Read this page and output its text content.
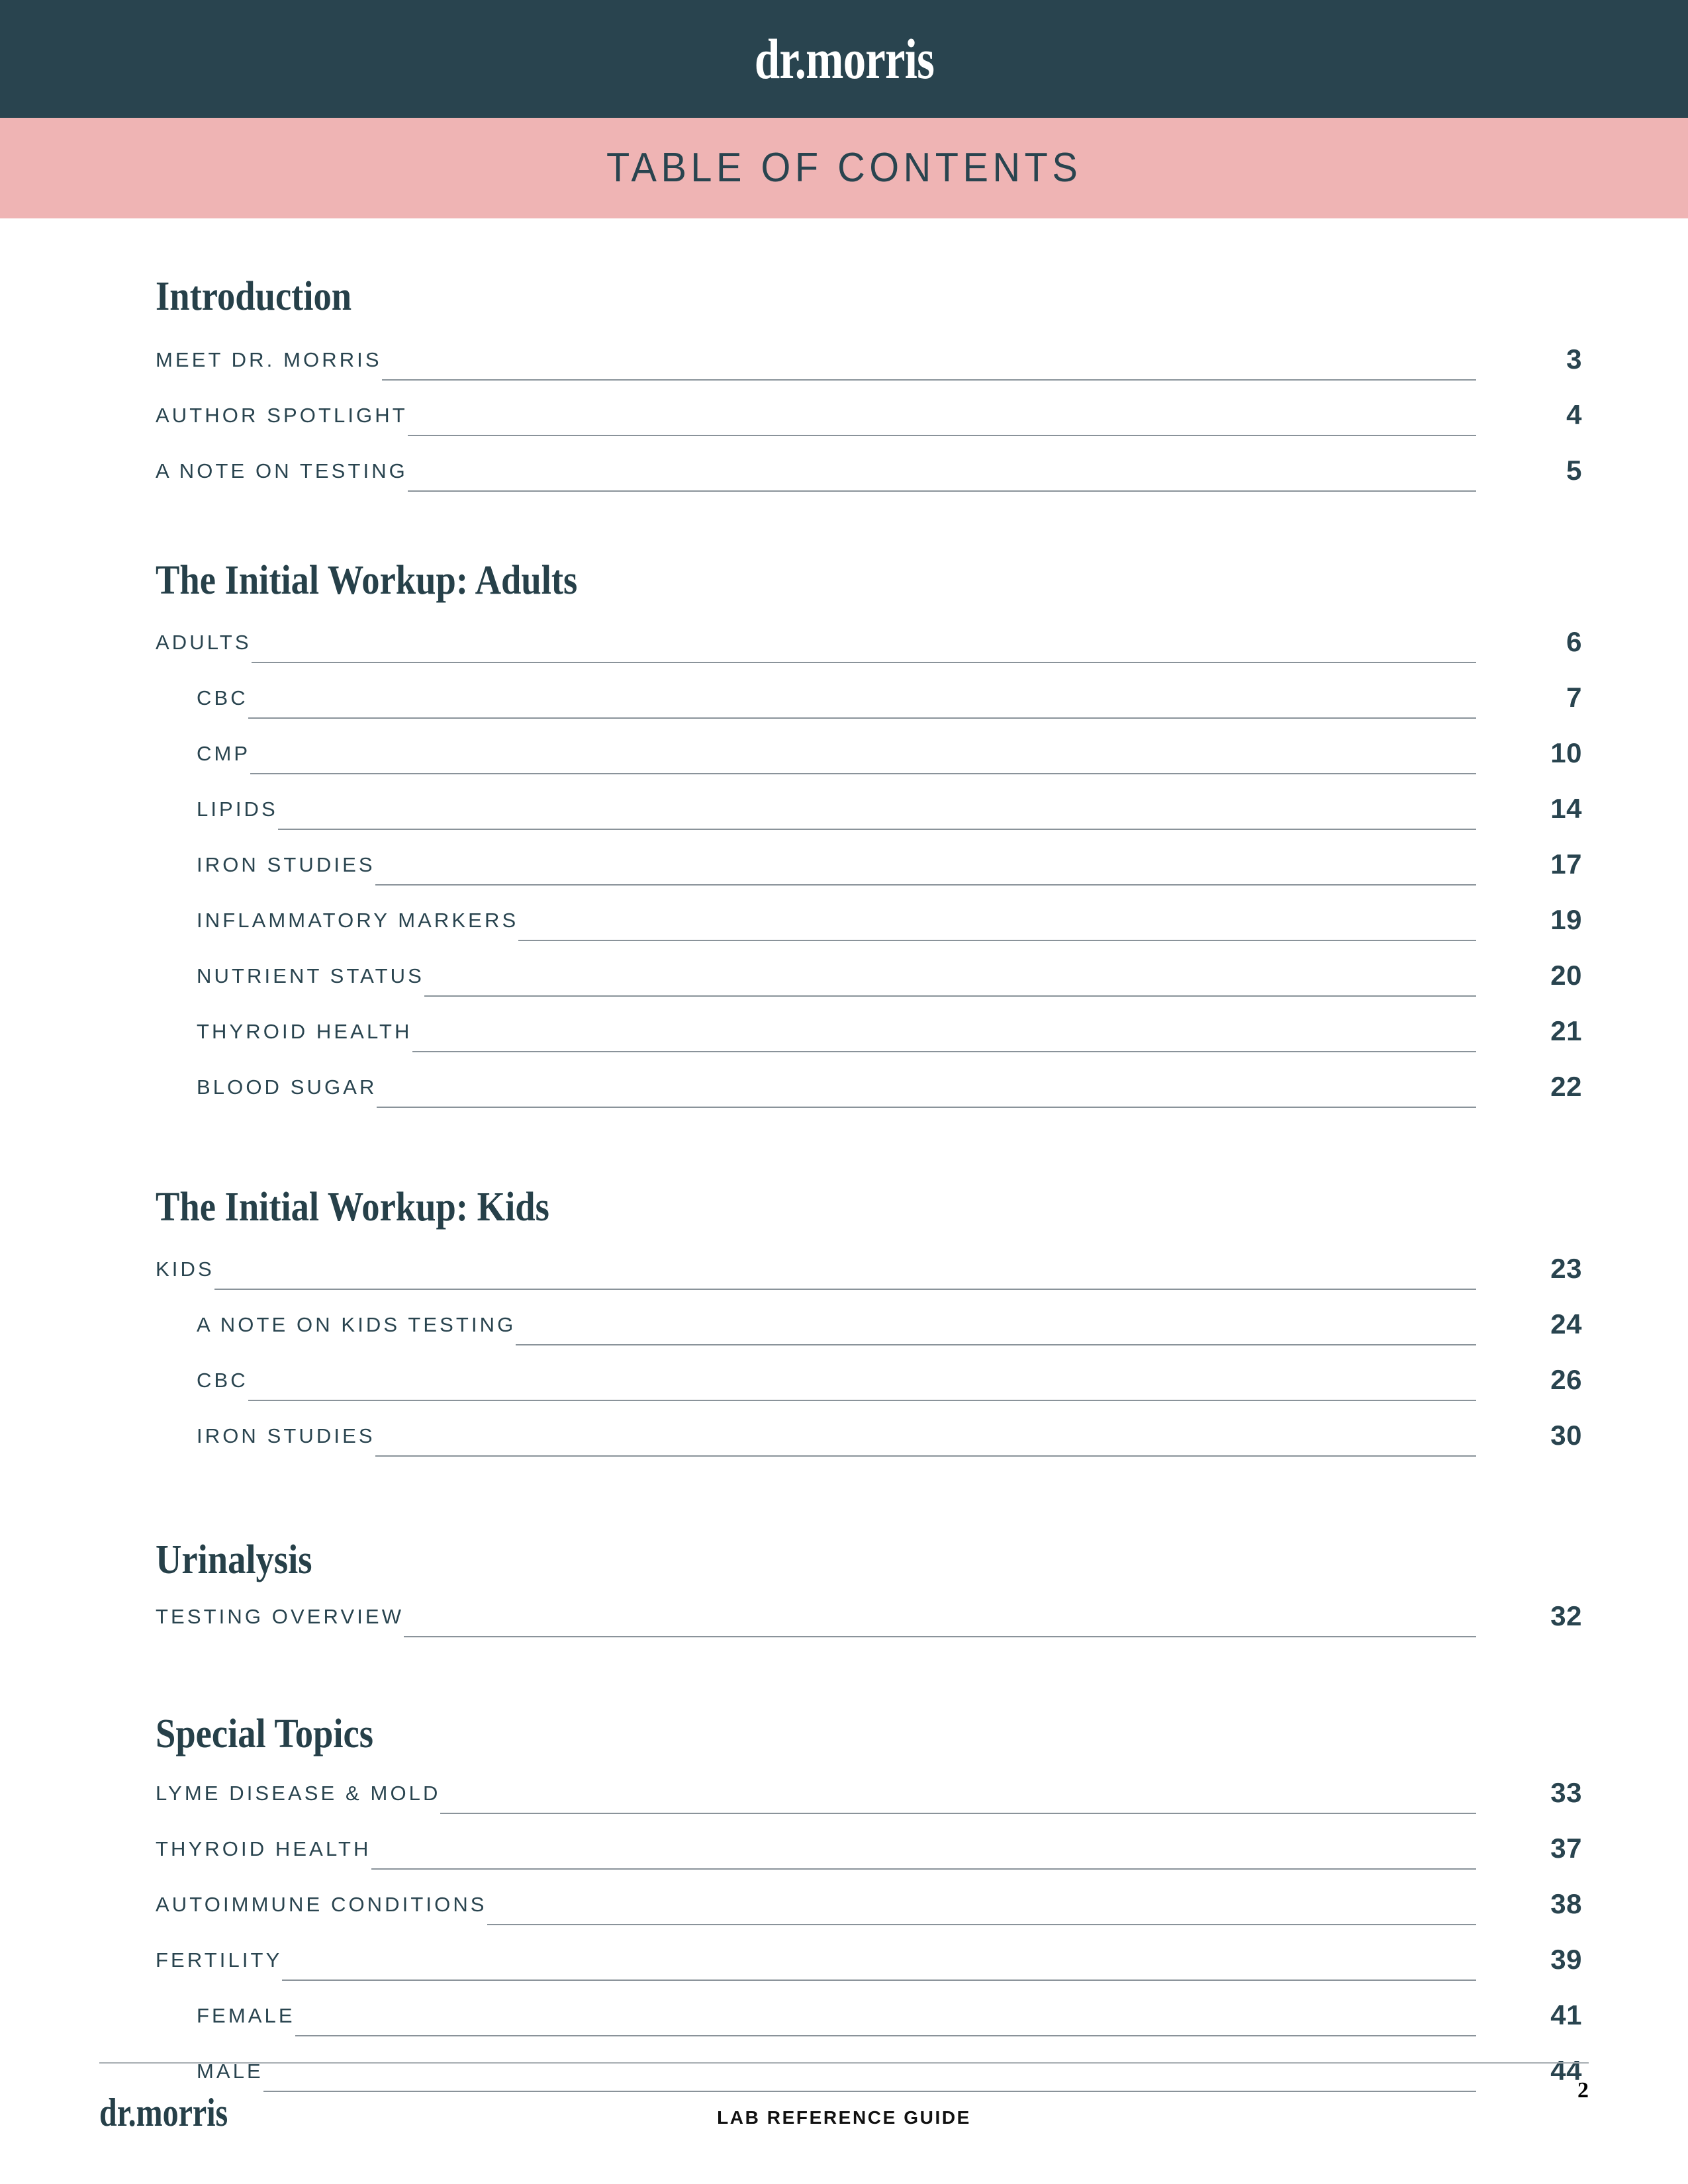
dr.morris
TABLE OF CONTENTS
Introduction
MEET DR. MORRIS	3
AUTHOR SPOTLIGHT	4
A NOTE ON TESTING	5
The Initial Workup: Adults
ADULTS	6
CBC	7
CMP	10
LIPIDS	14
IRON STUDIES	17
INFLAMMATORY MARKERS	19
NUTRIENT STATUS	20
THYROID HEALTH	21
BLOOD SUGAR	22
The Initial Workup: Kids
KIDS	23
A NOTE ON KIDS TESTING	24
CBC	26
IRON STUDIES	30
Urinalysis
TESTING OVERVIEW	32
Special Topics
LYME DISEASE & MOLD	33
THYROID HEALTH	37
AUTOIMMUNE CONDITIONS	38
FERTILITY	39
FEMALE	41
MALE	44
dr.morris	LAB REFERENCE GUIDE
2
